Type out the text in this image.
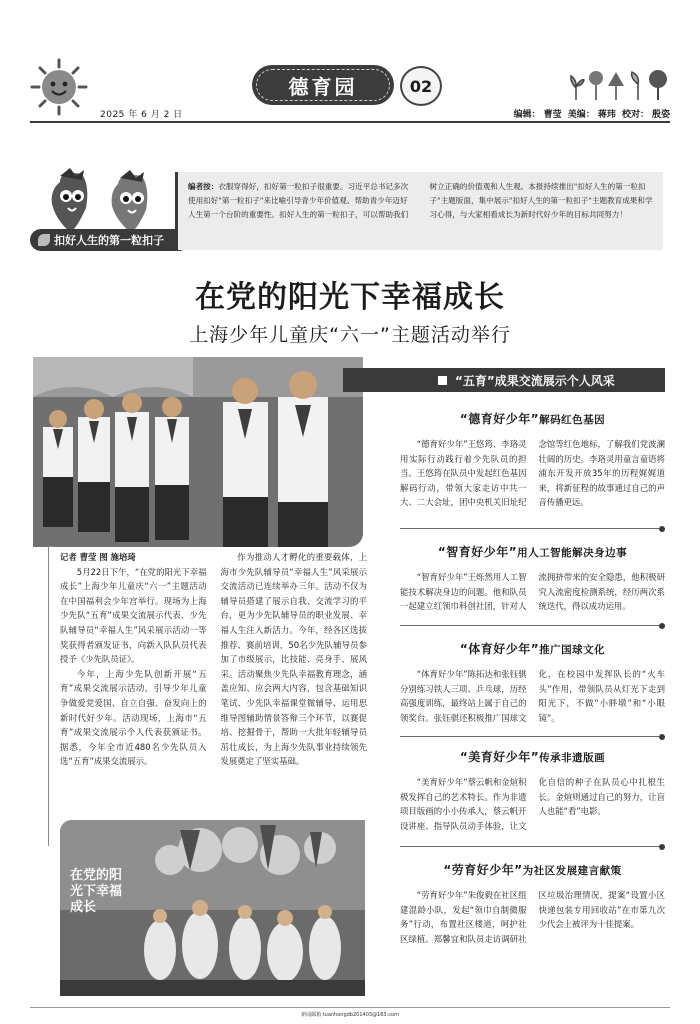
2025 年 6 月 2 日
德育园	02
编辑： 曹莹 美编： 蒋玮 校对： 殷姿
扣好人生的第一粒扣子
编者按：衣服穿得好，扣好第一粒扣子很重要。习近平总书记多次使用扣好"第一粒扣子"来比喻引导青少年价值观、帮助青少年迈好人生第一个台阶的重要性。扣好人生的第一粒扣子，可以帮助我们树立正确的价值观和人生观。本报持续推出"扣好人生的第一粒扣子"主题版面，集中展示"扣好人生的第一粒扣子"主题教育成果和学习心得，与大家相看成长为新时代好少年的目标共同努力！
在党的阳光下幸福成长
上海少年儿童庆“六一”主题活动举行

记者 曹莹 图 施培琦

5月22日下午，“在党的阳光下幸福成长”上海少年儿童庆“六一”主题活动在中国福利会少年宫举行。现场为上海少先队“五育”成果交流展示代表、少先队辅导员“幸福人生”风采展示活动一等奖获得者颁发证书，向新入队队员代表授予《少先队员证》。

今年，上海少先队创新开展“五育”成果交流展示活动，引导少年儿童争做爱党爱国、自立自强、奋发向上的新时代好少年。活动现场，上海市“五育”成果交流展示个人代表获颁证书。据悉，今年全市近480名少先队员入选“五育”成果交流展示。

作为推动人才孵化的重要载体，上海市少先队辅导员“幸福人生”风采展示交流活动已连续举办三年。活动不仅为辅导员搭建了展示自我、交流学习的平台，更为少先队辅导员的职业发展、幸福人生注入新活力。今年，经各区选拔推荐、赛前培训，50名少先队辅导员参加了市级展示，比技能、亮身手、展风采。活动聚焦少先队幸福教育理念，涵盖应知、应会两大内容，包含基础知识笔试、少先队幸福课堂微辅导、运用思维导图辅助情景答辩三个环节，以赛促培、挖掘骨干，帮助一大批年轻辅导员茁壮成长，为上海少先队事业持续领先发展奠定了坚实基础。

在党的阳光下幸福成长
“五育”成果交流展示个人风采
“德育好少年”解码红色基因

“德育好少年”王悠筠、李珞灵用实际行动践行着少先队员的担当。王悠筠在队员中发起红色基因解码行动，带领大家走访中共一大、二大会址，团中央机关旧址纪念馆等红色地标，了解我们党波澜壮阔的历史。李珞灵用童言童语将浦东开发开放35年的历程娓娓道来，将新征程的故事通过自己的声音传播更远。

“智育好少年”用人工智能解决身边事

“智育好少年”王烁然用人工智能技术解决身边的问题。他和队员一起建立红领巾科创社团，针对人流拥挤带来的安全隐患，他积极研究人流密度检测系统，经历两次系统迭代，得以成功运用。

“体育好少年”推广国球文化

“体育好少年”陈拓达和张钰骐分别练习铁人三项、乒乓球，历经高强度训练，最终站上属于自己的领奖台。张钰骐还积极推广国球文化，在校园中发挥队长的“火车头”作用，带领队员从灯光下走到阳光下，不做“小胖墩”和“小眼镜”。

“美育好少年”传承非遗版画

“美育好少年”蔡云帆和金煊积极发挥自己的艺术特长。作为非遗项目版画的小小传承人，蔡云帆开设讲座、指导队员动手体验，让文化自信的种子在队员心中扎根生长。金煊则通过自己的努力，让盲人也能“看”电影。

“劳育好少年”为社区发展建言献策

“劳育好少年”朱俊毅在社区组建混龄小队，发起“领巾自制微服务”行动，布置社区楼道，呵护社区绿植。郑馨宜和队员走访调研社区垃圾治理情况，提案“设置小区快递包装专用回收站”在市第九次少代会上被评为十佳提案。

新闻邮箱 tuanhongdb201403@163.com
